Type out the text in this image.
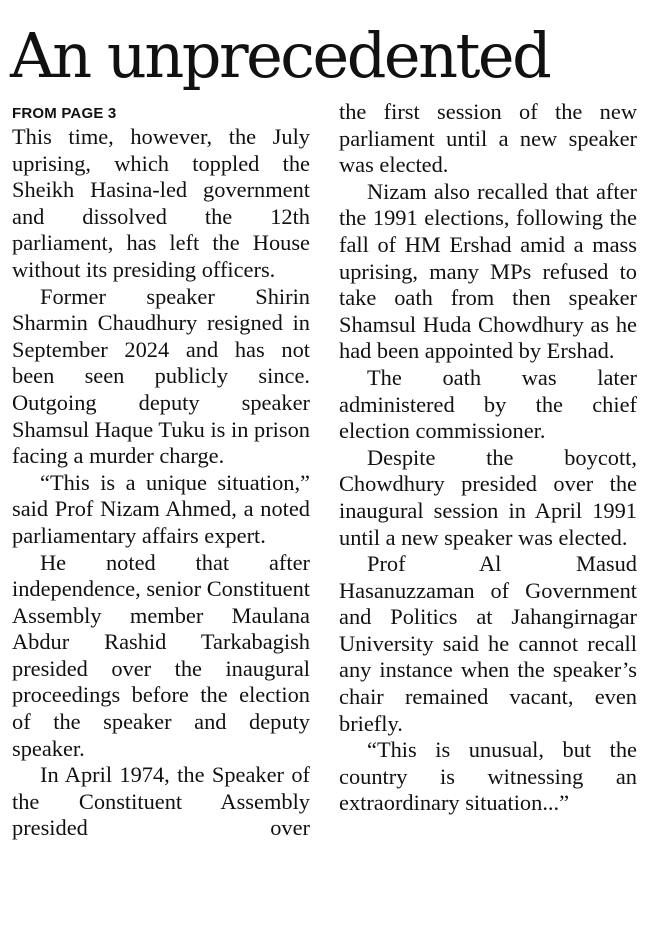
An unprecedented
FROM PAGE 3

This time, however, the July uprising, which toppled the Sheikh Hasina-led government and dissolved the 12th parliament, has left the House without its presiding officers.

Former speaker Shirin Sharmin Chaudhury resigned in September 2024 and has not been seen publicly since. Outgoing deputy speaker Shamsul Haque Tuku is in prison facing a murder charge.

“This is a unique situation,” said Prof Nizam Ahmed, a noted parliamentary affairs expert.

He noted that after independence, senior Constituent Assembly member Maulana Abdur Rashid Tarkabagish presided over the inaugural proceedings before the election of the speaker and deputy speaker.

In April 1974, the Speaker of the Constituent Assembly presided over

the first session of the new parliament until a new speaker was elected.

Nizam also recalled that after the 1991 elections, following the fall of HM Ershad amid a mass uprising, many MPs refused to take oath from then speaker Shamsul Huda Chowdhury as he had been appointed by Ershad.

The oath was later administered by the chief election commissioner.

Despite the boycott, Chowdhury presided over the inaugural session in April 1991 until a new speaker was elected.

Prof Al Masud Hasanuzzaman of Government and Politics at Jahangirnagar University said he cannot recall any instance when the speaker’s chair remained vacant, even briefly.

“This is unusual, but the country is witnessing an extraordinary situation...”
